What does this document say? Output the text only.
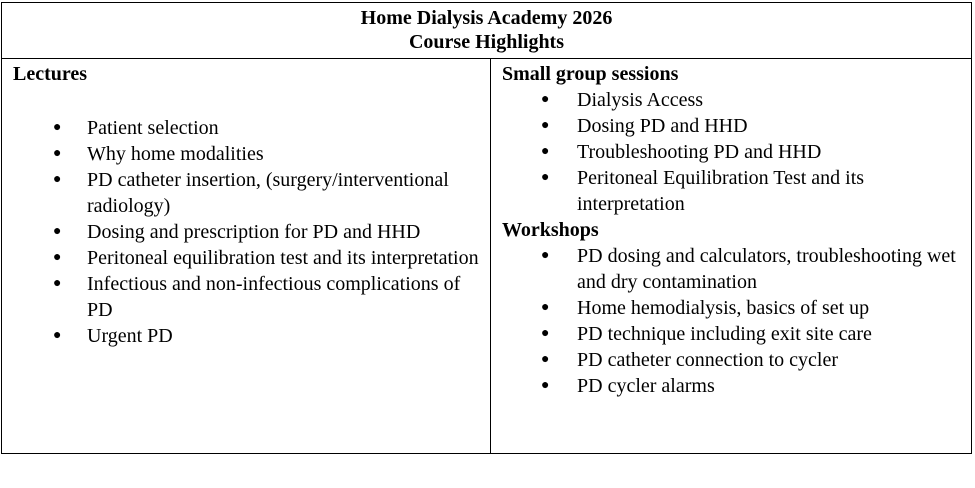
Home Dialysis Academy 2026
Course Highlights

Lectures

● Patient selection
● Why home modalities
● PD catheter insertion, (surgery/interventional radiology)
● Dosing and prescription for PD and HHD
● Peritoneal equilibration test and its interpretation
● Infectious and non-infectious complications of PD
● Urgent PD

Small group sessions

● Dialysis Access
● Dosing PD and HHD
● Troubleshooting PD and HHD
● Peritoneal Equilibration Test and its interpretation

Workshops

● PD dosing and calculators, troubleshooting wet and dry contamination
● Home hemodialysis, basics of set up
● PD technique including exit site care
● PD catheter connection to cycler
● PD cycler alarms
